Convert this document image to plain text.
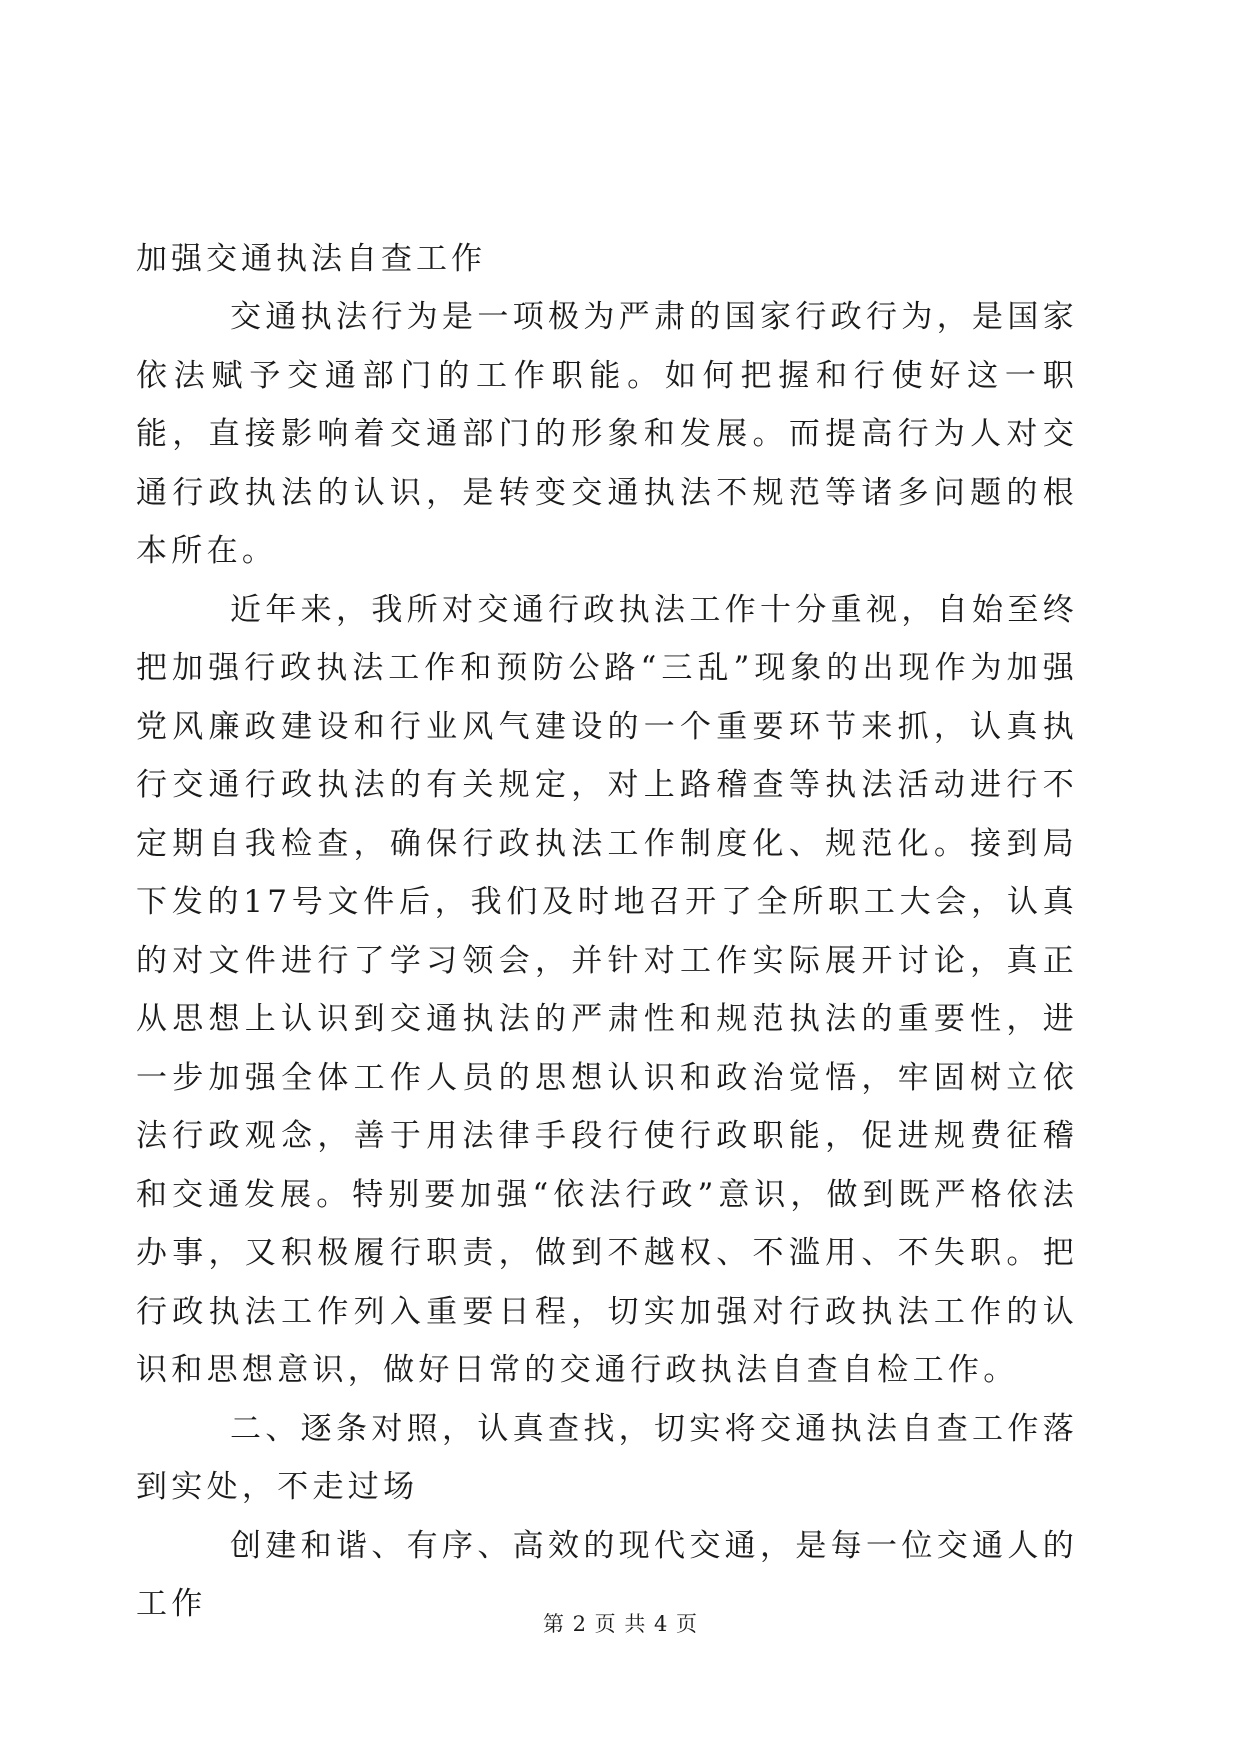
加强交通执法自查工作

交通执法行为是一项极为严肃的国家行政行为，是国家依法赋予交通部门的工作职能。如何把握和行使好这一职能，直接影响着交通部门的形象和发展。而提高行为人对交通行政执法的认识，是转变交通执法不规范等诸多问题的根本所在。

近年来，我所对交通行政执法工作十分重视，自始至终把加强行政执法工作和预防公路“三乱”现象的出现作为加强党风廉政建设和行业风气建设的一个重要环节来抓，认真执行交通行政执法的有关规定，对上路稽查等执法活动进行不定期自我检查，确保行政执法工作制度化、规范化。接到局下发的17号文件后，我们及时地召开了全所职工大会，认真的对文件进行了学习领会，并针对工作实际展开讨论，真正从思想上认识到交通执法的严肃性和规范执法的重要性，进一步加强全体工作人员的思想认识和政治觉悟，牢固树立依法行政观念，善于用法律手段行使行政职能，促进规费征稽和交通发展。特别要加强“依法行政”意识，做到既严格依法办事，又积极履行职责，做到不越权、不滥用、不失职。把行政执法工作列入重要日程，切实加强对行政执法工作的认识和思想意识，做好日常的交通行政执法自查自检工作。

二、逐条对照，认真查找，切实将交通执法自查工作落到实处，不走过场

创建和谐、有序、高效的现代交通，是每一位交通人的工作

第 2 页 共 4 页
